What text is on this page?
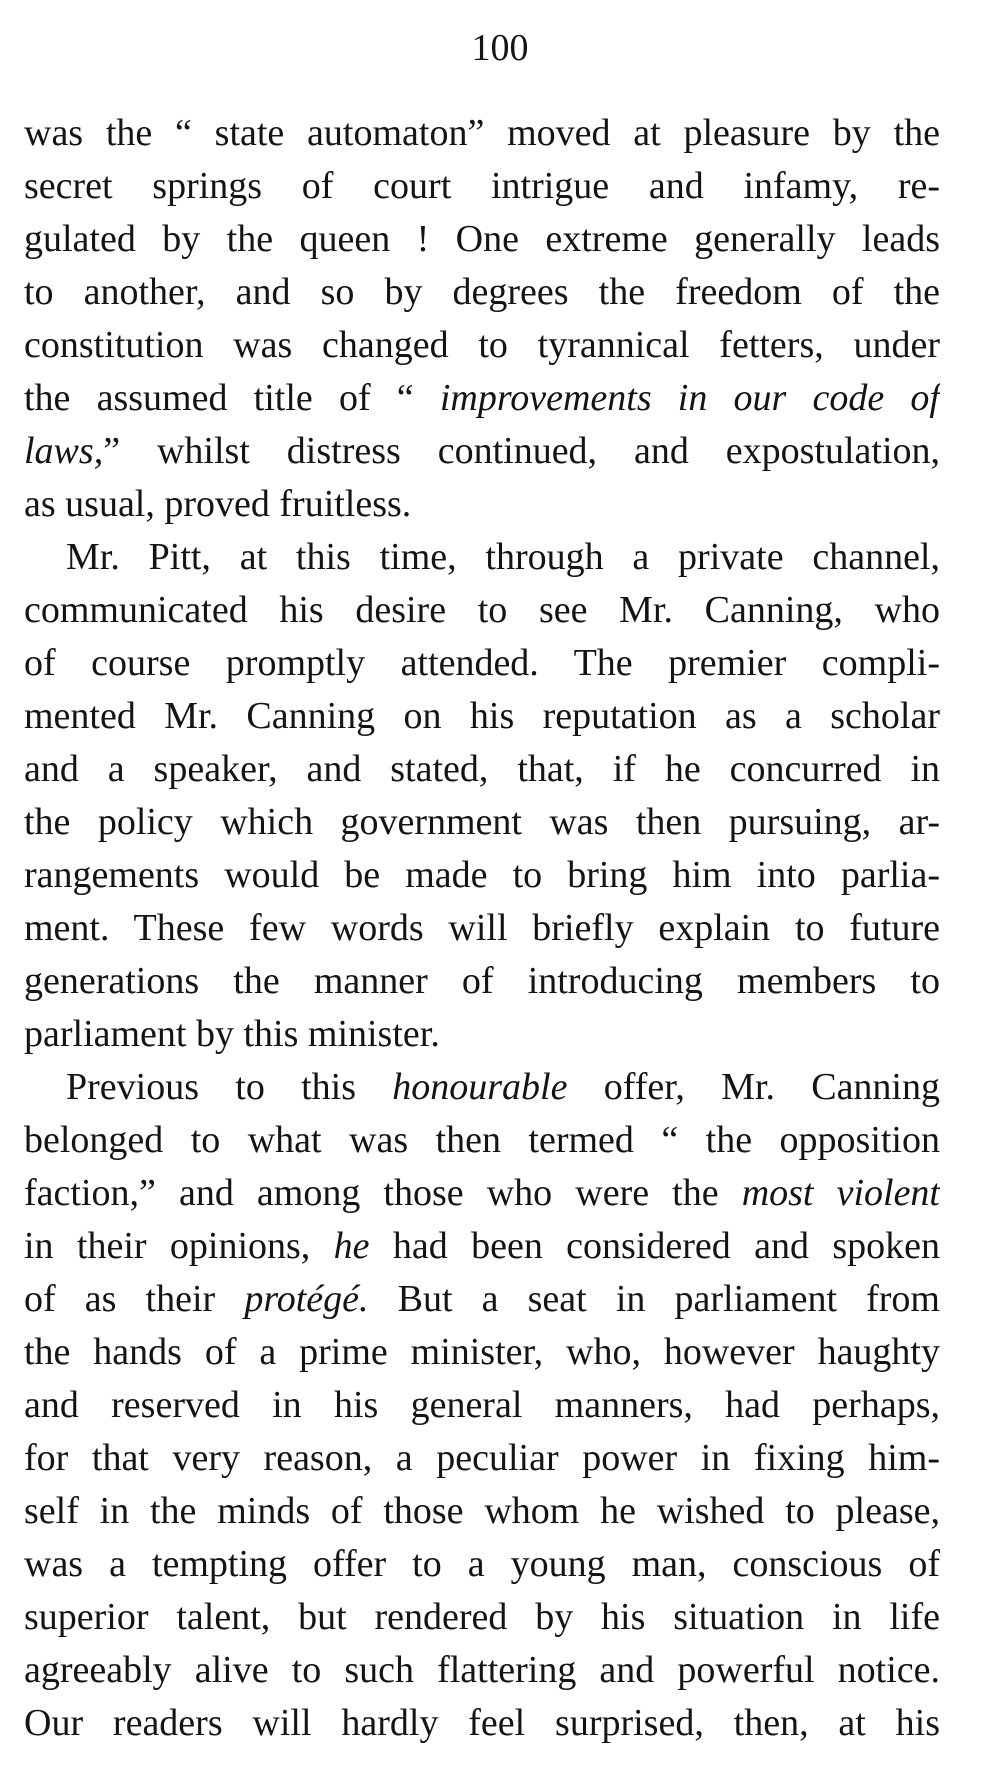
100
was the “ state automaton” moved at pleasure by the
secret springs of court intrigue and infamy, re-
gulated by the queen ! One extreme generally leads
to another, and so by degrees the freedom of the
constitution was changed to tyrannical fetters, under
the assumed title of “ improvements in our code of
laws,” whilst distress continued, and expostulation,
as usual, proved fruitless.
Mr. Pitt, at this time, through a private channel,
communicated his desire to see Mr. Canning, who
of course promptly attended. The premier compli-
mented Mr. Canning on his reputation as a scholar
and a speaker, and stated, that, if he concurred in
the policy which government was then pursuing, ar-
rangements would be made to bring him into parlia-
ment. These few words will briefly explain to future
generations the manner of introducing members to
parliament by this minister.
Previous to this honourable offer, Mr. Canning
belonged to what was then termed “ the opposition
faction,” and among those who were the most violent
in their opinions, he had been considered and spoken
of as their protégé. But a seat in parliament from
the hands of a prime minister, who, however haughty
and reserved in his general manners, had perhaps,
for that very reason, a peculiar power in fixing him-
self in the minds of those whom he wished to please,
was a tempting offer to a young man, conscious of
superior talent, but rendered by his situation in life
agreeably alive to such flattering and powerful notice.
Our readers will hardly feel surprised, then, at his
